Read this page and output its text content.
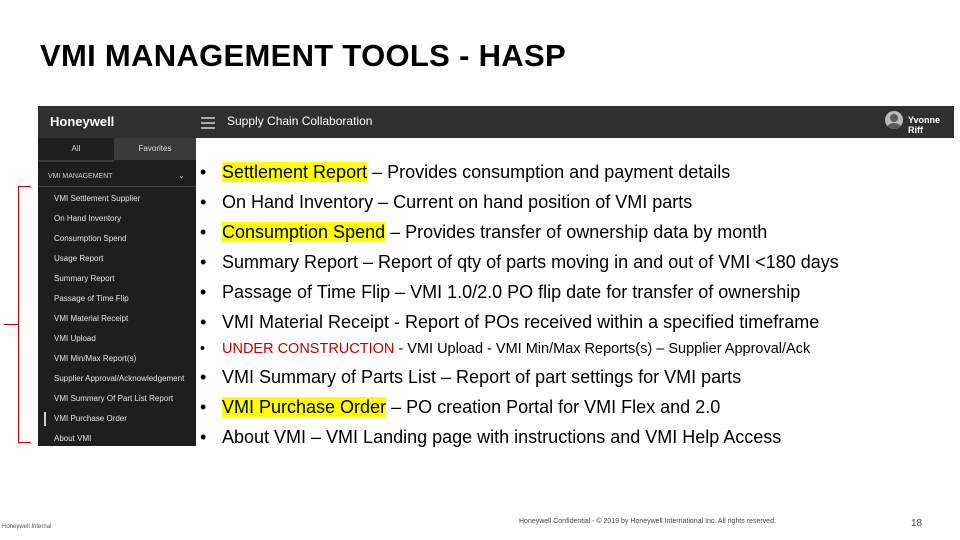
VMI MANAGEMENT TOOLS - HASP
Honeywell	Supply Chain Collaboration	Yvonne Riff
All	Favorites
VMI MANAGEMENT	⌄
VMI Settlement Supplier
On Hand Inventory
Consumption Spend
Usage Report
Summary Report
Passage of Time Flip
VMI Material Receipt
VMI Upload
VMI Min/Max Report(s)
Supplier Approval/Acknowledgement
VMI Summary Of Part List Report
VMI Purchase Order
About VMI
• Settlement Report – Provides consumption and payment details
• On Hand Inventory – Current on hand position of VMI parts
• Consumption Spend – Provides transfer of ownership data by month
• Summary Report – Report of qty of parts moving in and out of VMI <180 days
• Passage of Time Flip – VMI 1.0/2.0 PO flip date for transfer of ownership
• VMI Material Receipt - Report of POs received within a specified timeframe
• UNDER CONSTRUCTION - VMI Upload - VMI Min/Max Reports(s) – Supplier Approval/Ack
• VMI Summary of Parts List – Report of part settings for VMI parts
• VMI Purchase Order – PO creation Portal for VMI Flex and 2.0
• About VMI – VMI Landing page with instructions and VMI Help Access
Honeywell Internal
Honeywell Confidential - © 2019 by Honeywell International Inc. All rights reserved.	18
